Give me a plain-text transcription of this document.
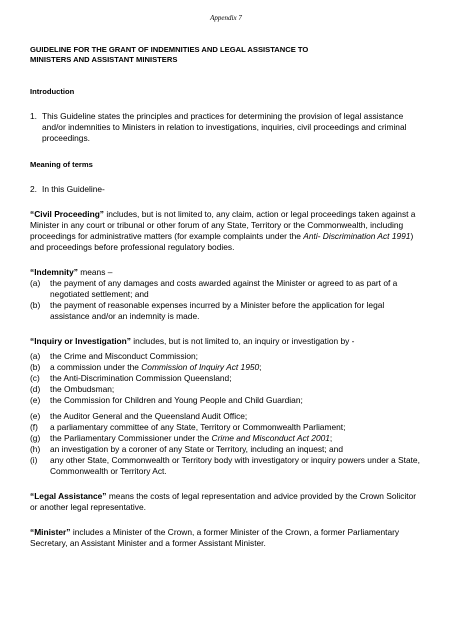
Appendix 7

GUIDELINE FOR THE GRANT OF INDEMNITIES AND LEGAL ASSISTANCE TO
MINISTERS AND ASSISTANT MINISTERS

Introduction

1. This Guideline states the principles and practices for determining the provision of legal assistance and/or indemnities to Ministers in relation to investigations, inquiries, civil proceedings and criminal proceedings.

Meaning of terms

2. In this Guideline-

“Civil Proceeding” includes, but is not limited to, any claim, action or legal proceedings taken against a Minister in any court or tribunal or other forum of any State, Territory or the Commonwealth, including proceedings for administrative matters (for example complaints under the Anti- Discrimination Act 1991) and proceedings before professional regulatory bodies.

“Indemnity” means –

(a)	the payment of any damages and costs awarded against the Minister or agreed to as part of a negotiated settlement; and
(b)	the payment of reasonable expenses incurred by a Minister before the application for legal assistance and/or an indemnity is made.

“Inquiry or Investigation” includes, but is not limited to, an inquiry or investigation by -

(a)	the Crime and Misconduct Commission;
(b)	a commission under the Commission of Inquiry Act 1950;
(c)	the Anti-Discrimination Commission Queensland;
(d)	the Ombudsman;
(e)	the Commission for Children and Young People and Child Guardian;
(e)	the Auditor General and the Queensland Audit Office;
(f)	a parliamentary committee of any State, Territory or Commonwealth Parliament;
(g)	the Parliamentary Commissioner under the Crime and Misconduct Act 2001;
(h)	an investigation by a coroner of any State or Territory, including an inquest; and
(i)	any other State, Commonwealth or Territory body with investigatory or inquiry powers under a State, Commonwealth or Territory Act.

“Legal Assistance” means the costs of legal representation and advice provided by the Crown Solicitor or another legal representative.

“Minister” includes a Minister of the Crown, a former Minister of the Crown, a former Parliamentary Secretary, an Assistant Minister and a former Assistant Minister.
